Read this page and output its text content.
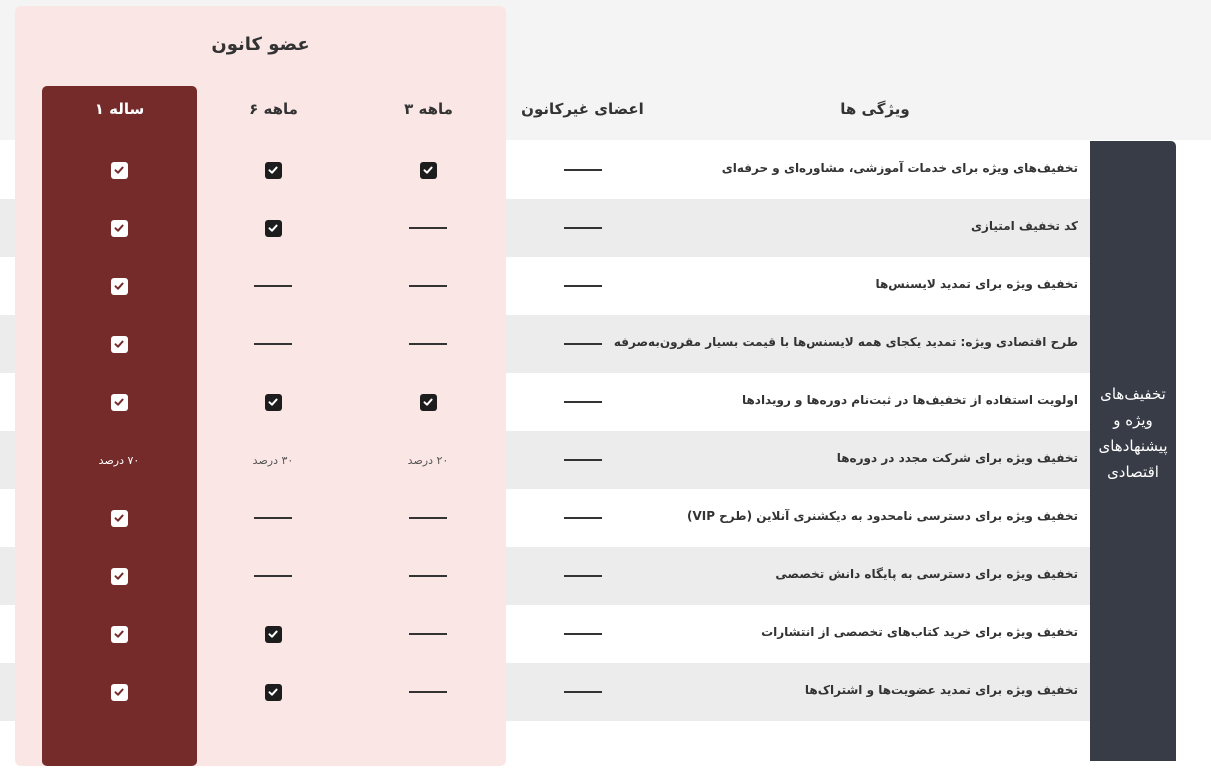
تخفیف‌های ویژه و پیشنهادهای اقتصادی
عضو کانون
ویژگی ها
اعضای غیرکانون
۳ ماهه
۶ ماهه
۱ ساله
تخفیف‌های ویژه برای خدمات آموزشی، مشاوره‌ای و حرفه‌ای
کد تخفیف امتیازی
تخفیف ویژه برای تمدید لایسنس‌ها
طرح اقتصادی ویژه: تمدید یکجای همه لایسنس‌ها با قیمت بسیار مقرون‌به‌صرفه
اولویت استفاده از تخفیف‌ها در ثبت‌نام دوره‌ها و رویدادها
تخفیف ویژه برای شرکت مجدد در دوره‌ها
۲۰ درصد
۳۰ درصد
۷۰ درصد
تخفیف ویژه برای دسترسی نامحدود به دیکشنری آنلاین (طرح VIP)
تخفیف ویژه برای دسترسی به پایگاه دانش تخصصی
تخفیف ویژه برای خرید کتاب‌های تخصصی از انتشارات
تخفیف ویژه برای تمدید عضویت‌ها و اشتراک‌ها
